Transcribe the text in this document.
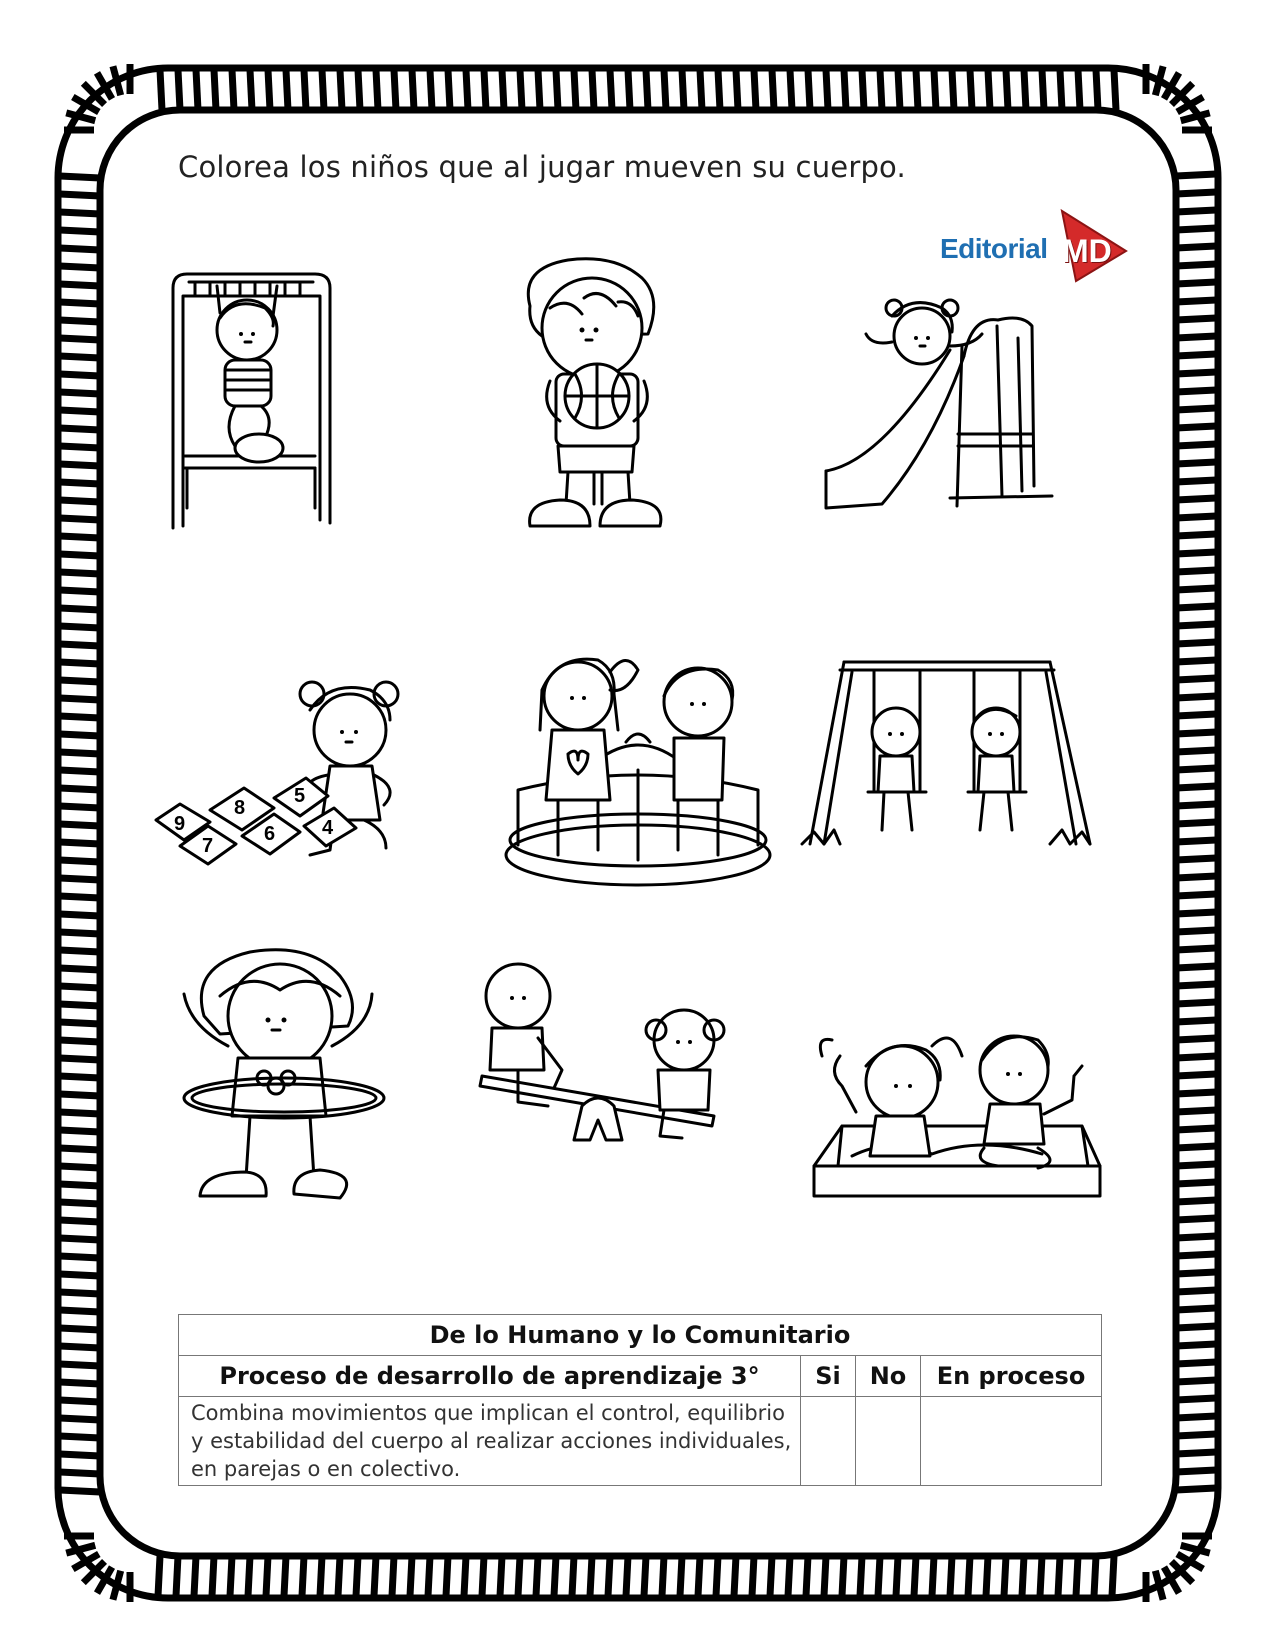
Colorea los niños que al jugar mueven su cuerpo.
Editorial MD
9
8
7
6
5
4
De lo Humano y lo Comunitario			
Proceso de desarrollo de aprendizaje 3°	Si	No	En proceso
Combina movimientos que implican el control, equilibrio y estabilidad del cuerpo al realizar acciones individuales, en parejas o en colectivo.			
